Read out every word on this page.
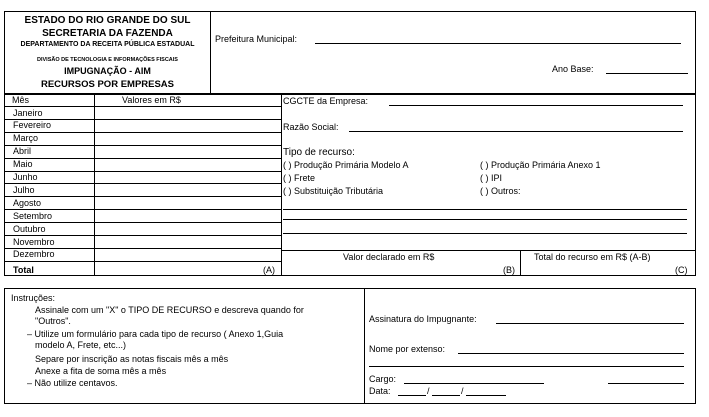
ESTADO DO RIO GRANDE DO SUL
SECRETARIA DA FAZENDA
DEPARTAMENTO DA RECEITA PÚBLICA ESTADUAL
DIVISÃO DE TECNOLOGIA E INFORMAÇÕES FISCAIS
IMPUGNAÇÃO - AIM
RECURSOS POR EMPRESAS
Prefeitura Municipal:
Ano Base:
Mês	Valores em R$
Janeiro
Fevereiro
Março
Abril
Maio
Junho
Julho
Agosto
Setembro
Outubro
Novembro
Dezembro
Total	(A)
CGCTE da Empresa:
Razão Social:
Tipo de recurso:
( ) Produção Primária Modelo A
( ) Frete
( ) Substituição Tributária
( ) Produção Primária Anexo 1
( ) IPI
( ) Outros:
Valor declarado em R$
(B)
Total do recurso em R$ (A-B)
(C)
Instruções:
Assinale com um "X" o TIPO DE RECURSO e descreva quando for
"Outros".
– Utilize um formulário para cada tipo de recurso ( Anexo 1,Guia
modelo A, Frete, etc...)
Separe por inscrição as notas fiscais mês a mês
Anexe a fita de soma mês a mês
– Não utilize centavos.
Assinatura do Impugnante:
Nome por extenso:
Cargo:
Data:	/	/
